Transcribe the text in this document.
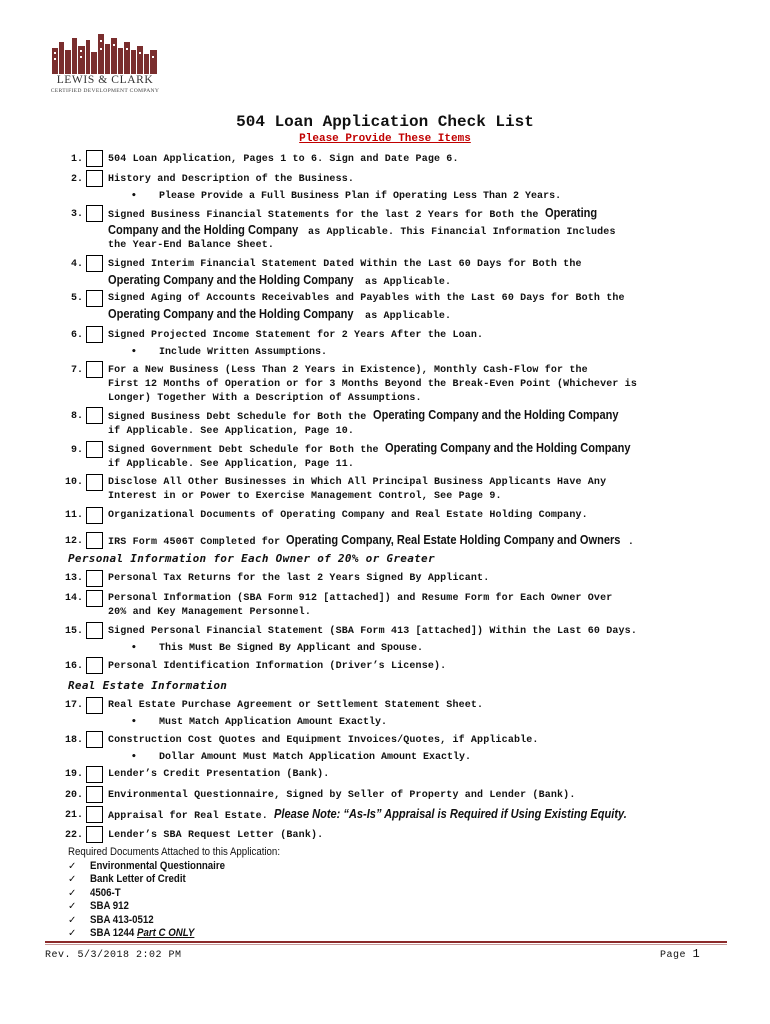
LEWIS & CLARK
CERTIFIED DEVELOPMENT COMPANY
504 Loan Application Check List
Please Provide These Items
1.	504 Loan Application, Pages 1 to 6. Sign and Date Page 6.
2.	History and Description of the Business.
• Please Provide a Full Business Plan if Operating Less Than 2 Years.
3.	Signed Business Financial Statements for the last 2 Years for Both the Operating
Company and the Holding Company as Applicable. This Financial Information Includes
the Year-End Balance Sheet.
4.	Signed Interim Financial Statement Dated Within the Last 60 Days for Both the
Operating Company and the Holding Company as Applicable.
5.	Signed Aging of Accounts Receivables and Payables with the Last 60 Days for Both the
Operating Company and the Holding Company as Applicable.
6.	Signed Projected Income Statement for 2 Years After the Loan.
• Include Written Assumptions.
7.	For a New Business (Less Than 2 Years in Existence), Monthly Cash-Flow for the
First 12 Months of Operation or for 3 Months Beyond the Break-Even Point (Whichever is
Longer) Together With a Description of Assumptions.
8.	Signed Business Debt Schedule for Both the Operating Company and the Holding Company
if Applicable. See Application, Page 10.
9.	Signed Government Debt Schedule for Both the Operating Company and the Holding Company
if Applicable. See Application, Page 11.
10.	Disclose All Other Businesses in Which All Principal Business Applicants Have Any
Interest in or Power to Exercise Management Control, See Page 9.
11.	Organizational Documents of Operating Company and Real Estate Holding Company.
12.	IRS Form 4506T Completed for Operating Company, Real Estate Holding Company and Owners .
Personal Information for Each Owner of 20% or Greater
13.	Personal Tax Returns for the last 2 Years Signed By Applicant.
14.	Personal Information (SBA Form 912 [attached]) and Resume Form for Each Owner Over
20% and Key Management Personnel.
15.	Signed Personal Financial Statement (SBA Form 413 [attached]) Within the Last 60 Days.
• This Must Be Signed By Applicant and Spouse.
16.	Personal Identification Information (Driver’s License).
Real Estate Information
17.	Real Estate Purchase Agreement or Settlement Statement Sheet.
• Must Match Application Amount Exactly.
18.	Construction Cost Quotes and Equipment Invoices/Quotes, if Applicable.
• Dollar Amount Must Match Application Amount Exactly.
19.	Lender’s Credit Presentation (Bank).
20.	Environmental Questionnaire, Signed by Seller of Property and Lender (Bank).
21.	Appraisal for Real Estate. Please Note: “As-Is” Appraisal is Required if Using Existing Equity.
22.	Lender’s SBA Request Letter (Bank).
Required Documents Attached to this Application:
✓ Environmental Questionnaire
✓ Bank Letter of Credit
✓ 4506-T
✓ SBA 912
✓ SBA 413-0512
✓ SBA 1244 Part C ONLY
Rev. 5/3/2018 2:02 PM	Page 1
